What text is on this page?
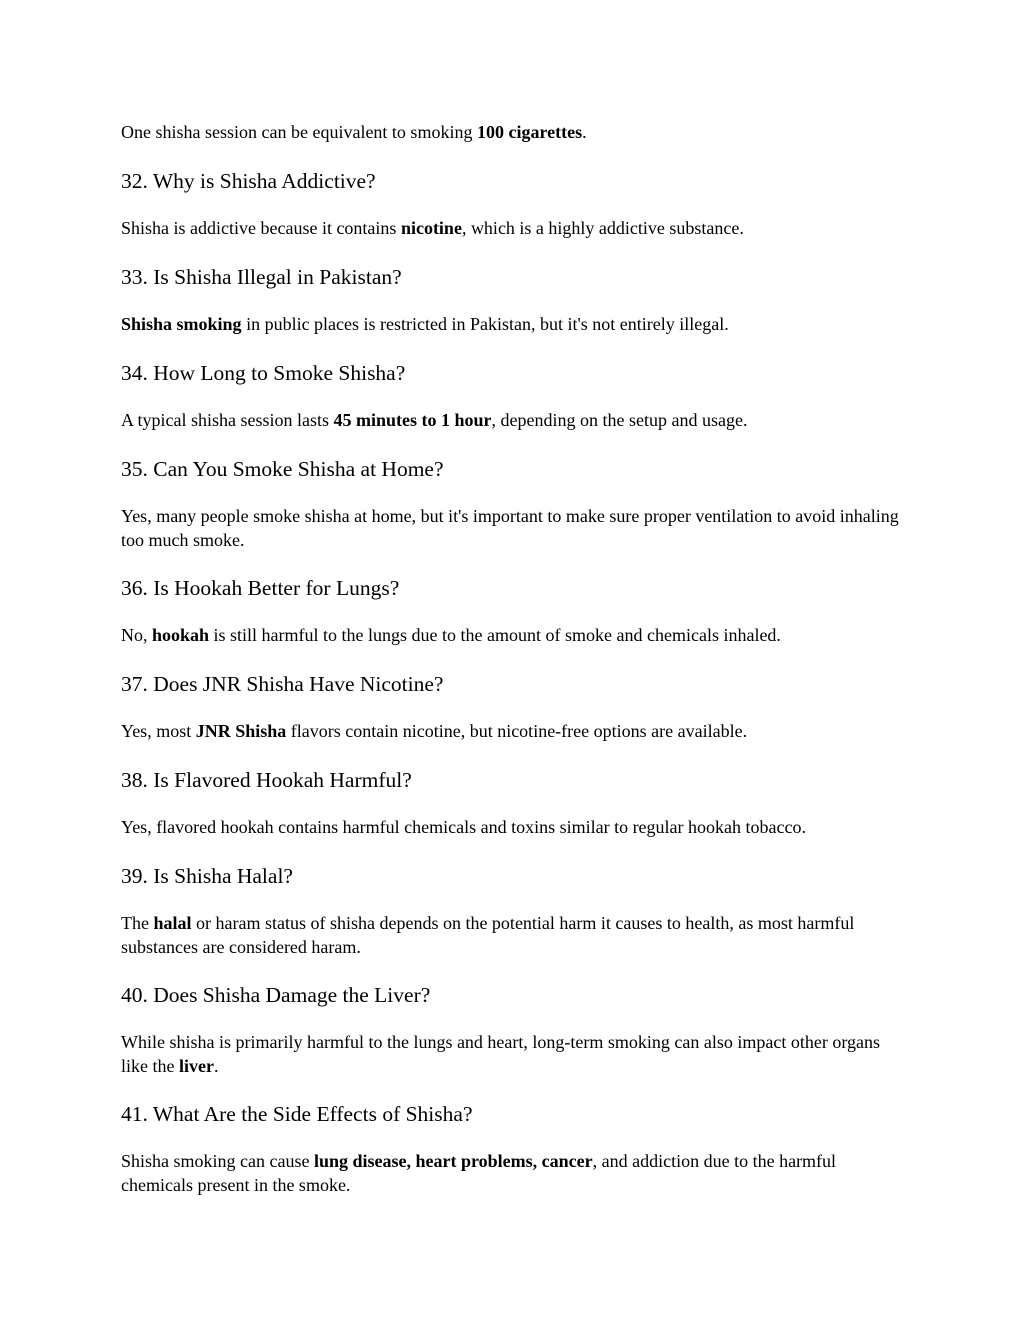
One shisha session can be equivalent to smoking 100 cigarettes.

32. Why is Shisha Addictive?

Shisha is addictive because it contains nicotine, which is a highly addictive substance.

33. Is Shisha Illegal in Pakistan?

Shisha smoking in public places is restricted in Pakistan, but it's not entirely illegal.

34. How Long to Smoke Shisha?

A typical shisha session lasts 45 minutes to 1 hour, depending on the setup and usage.

35. Can You Smoke Shisha at Home?

Yes, many people smoke shisha at home, but it's important to make sure proper ventilation to avoid inhaling too much smoke.

36. Is Hookah Better for Lungs?

No, hookah is still harmful to the lungs due to the amount of smoke and chemicals inhaled.

37. Does JNR Shisha Have Nicotine?

Yes, most JNR Shisha flavors contain nicotine, but nicotine-free options are available.

38. Is Flavored Hookah Harmful?

Yes, flavored hookah contains harmful chemicals and toxins similar to regular hookah tobacco.

39. Is Shisha Halal?

The halal or haram status of shisha depends on the potential harm it causes to health, as most harmful substances are considered haram.

40. Does Shisha Damage the Liver?

While shisha is primarily harmful to the lungs and heart, long-term smoking can also impact other organs like the liver.

41. What Are the Side Effects of Shisha?

Shisha smoking can cause lung disease, heart problems, cancer, and addiction due to the harmful chemicals present in the smoke.
